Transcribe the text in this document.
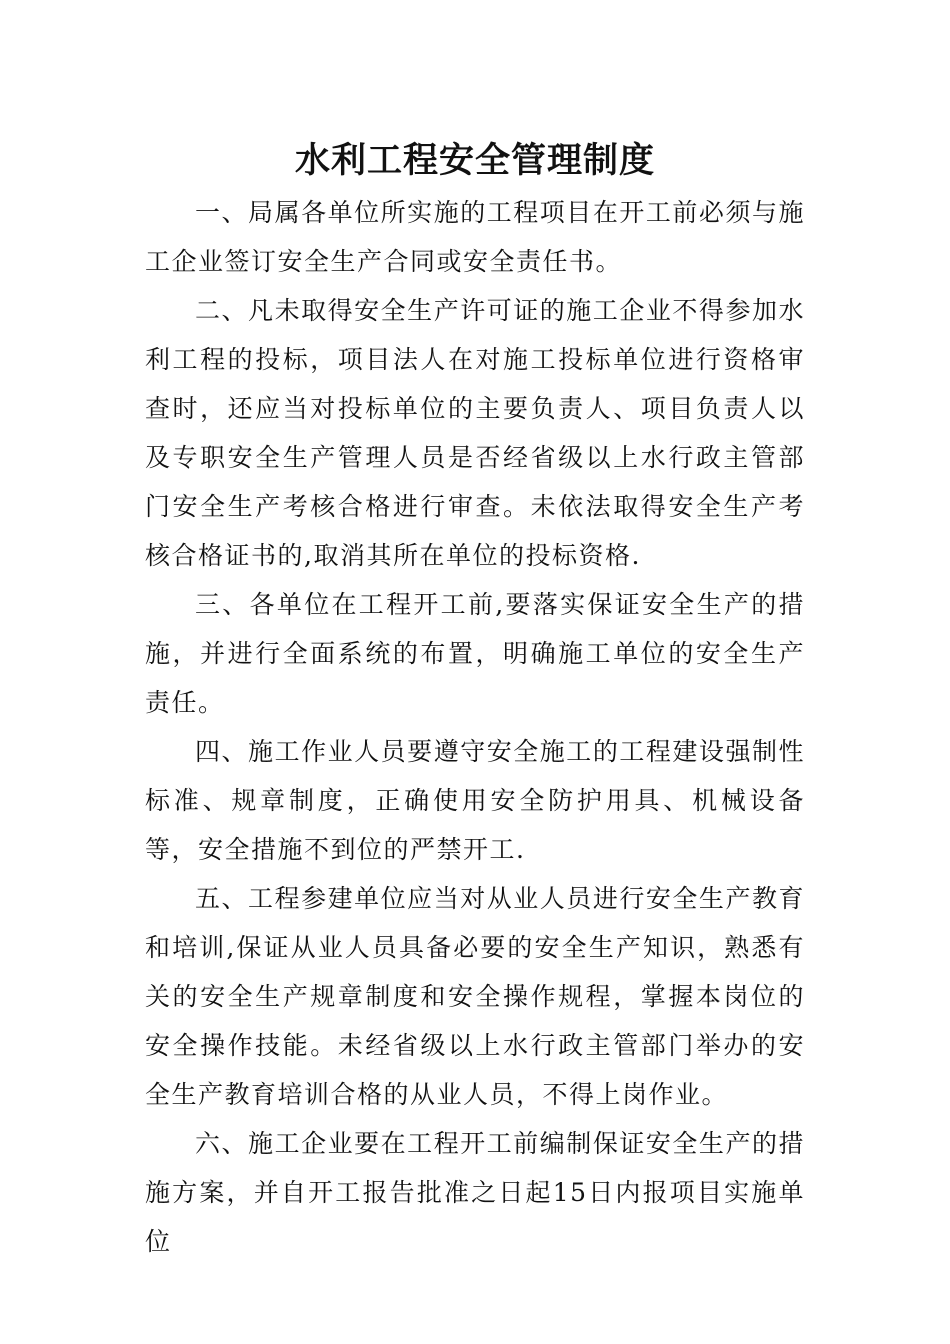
水利工程安全管理制度

一、局属各单位所实施的工程项目在开工前必须与施工企业签订安全生产合同或安全责任书。

二、凡未取得安全生产许可证的施工企业不得参加水利工程的投标，项目法人在对施工投标单位进行资格审查时，还应当对投标单位的主要负责人、项目负责人以及专职安全生产管理人员是否经省级以上水行政主管部门安全生产考核合格进行审查。未依法取得安全生产考核合格证书的,取消其所在单位的投标资格.

三、各单位在工程开工前,要落实保证安全生产的措施，并进行全面系统的布置，明确施工单位的安全生产责任。

四、施工作业人员要遵守安全施工的工程建设强制性标准、规章制度，正确使用安全防护用具、机械设备等，安全措施不到位的严禁开工.

五、工程参建单位应当对从业人员进行安全生产教育和培训,保证从业人员具备必要的安全生产知识，熟悉有关的安全生产规章制度和安全操作规程，掌握本岗位的安全操作技能。未经省级以上水行政主管部门举办的安全生产教育培训合格的从业人员，不得上岗作业。

六、施工企业要在工程开工前编制保证安全生产的措施方案，并自开工报告批准之日起15日内报项目实施单位
